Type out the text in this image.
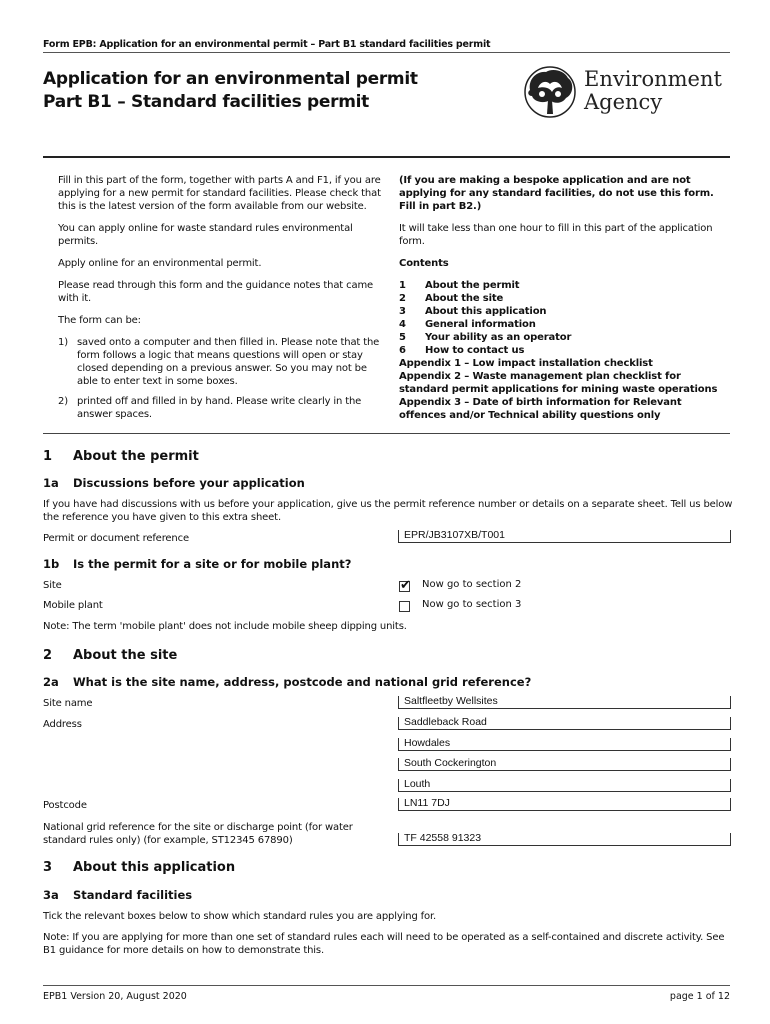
Form EPB: Application for an environmental permit – Part B1 standard facilities permit
Application for an environmental permit
Part B1 – Standard facilities permit
Environment
Agency
Fill in this part of the form, together with parts A and F1, if you are applying for a new permit for standard facilities. Please check that this is the latest version of the form available from our website.
You can apply online for waste standard rules environmental permits.
Apply online for an environmental permit.
Please read through this form and the guidance notes that came with it.
The form can be:
1) saved onto a computer and then filled in. Please note that the form follows a logic that means questions will open or stay closed depending on a previous answer. So you may not be able to enter text in some boxes.
2) printed off and filled in by hand. Please write clearly in the answer spaces.
(If you are making a bespoke application and are not applying for any standard facilities, do not use this form. Fill in part B2.)
It will take less than one hour to fill in this part of the application form.
Contents
1	About the permit
2	About the site
3	About this application
4	General information
5	Your ability as an operator
6	How to contact us
Appendix 1 – Low impact installation checklist
Appendix 2 – Waste management plan checklist for standard permit applications for mining waste operations
Appendix 3 – Date of birth information for Relevant offences and/or Technical ability questions only
1 About the permit
1a Discussions before your application
If you have had discussions with us before your application, give us the permit reference number or details on a separate sheet. Tell us below the reference you have given to this extra sheet.
Permit or document reference	EPR/JB3107XB/T001
1b Is the permit for a site or for mobile plant?
Site
✔	Now go to section 2
Mobile plant	Now go to section 3
Note: The term 'mobile plant' does not include mobile sheep dipping units.
2 About the site
2a What is the site name, address, postcode and national grid reference?
Site name	Saltfleetby Wellsites
Address	Saddleback Road
Howdales
South Cockerington
Louth
Postcode	LN11 7DJ
National grid reference for the site or discharge point (for water standard rules only) (for example, ST12345 67890)	TF 42558 91323
3 About this application
3a Standard facilities
Tick the relevant boxes below to show which standard rules you are applying for.
Note: If you are applying for more than one set of standard rules each will need to be operated as a self-contained and discrete activity. See B1 guidance for more details on how to demonstrate this.
EPB1 Version 20, August 2020	page 1 of 12
